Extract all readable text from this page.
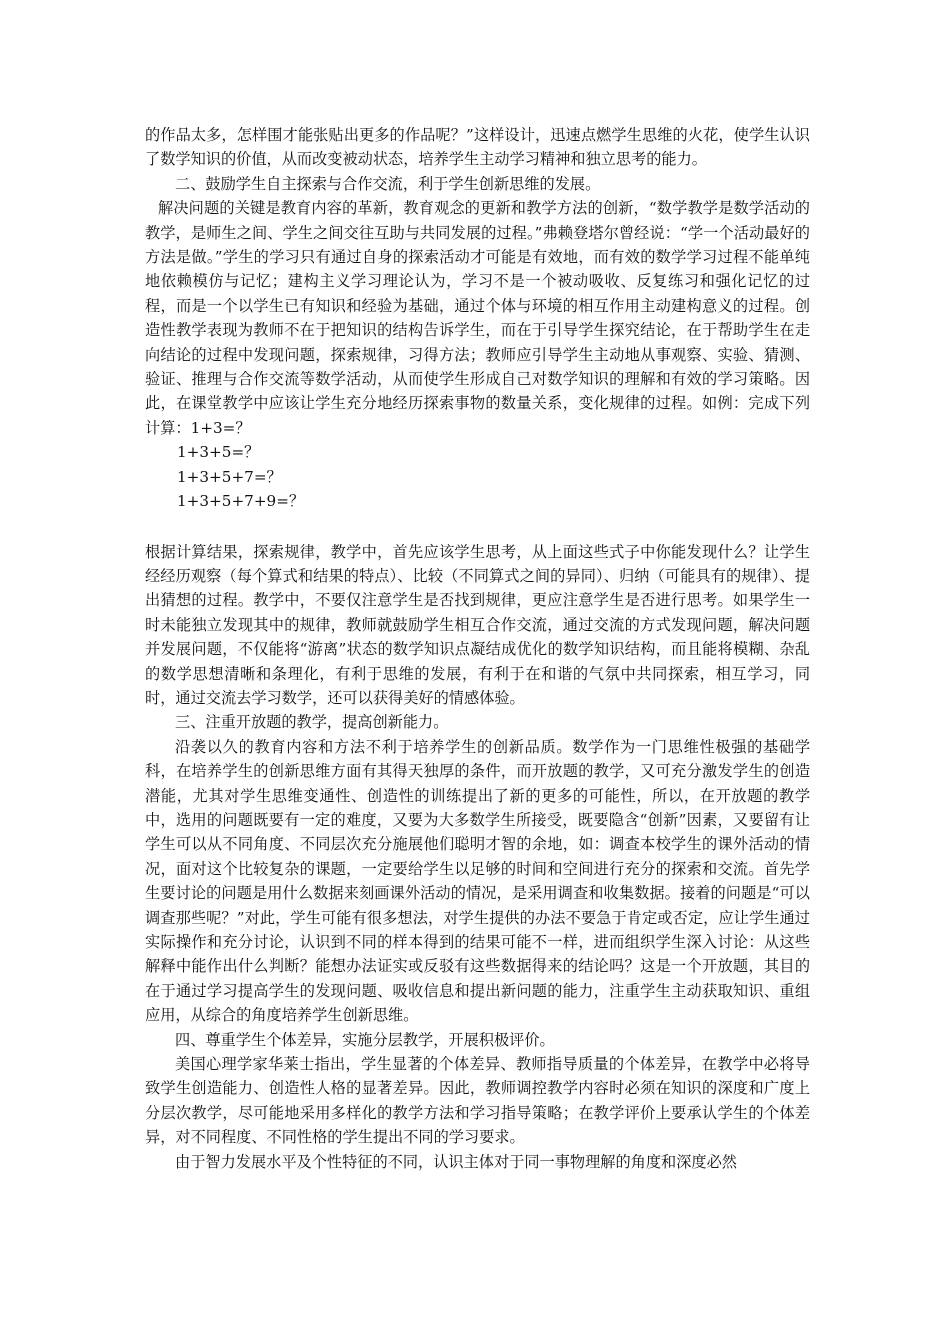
的作品太多，怎样围才能张贴出更多的作品呢？”这样设计，迅速点燃学生思维的火花，使学生认识了数学知识的价值，从而改变被动状态，培养学生主动学习精神和独立思考的能力。

二、鼓励学生自主探索与合作交流，利于学生创新思维的发展。

解决问题的关键是教育内容的革新，教育观念的更新和教学方法的创新，“数学教学是数学活动的教学，是师生之间、学生之间交往互助与共同发展的过程。”弗赖登塔尔曾经说：“学一个活动最好的方法是做。”学生的学习只有通过自身的探索活动才可能是有效地，而有效的数学学习过程不能单纯地依赖模仿与记忆；建构主义学习理论认为，学习不是一个被动吸收、反复练习和强化记忆的过程，而是一个以学生已有知识和经验为基础，通过个体与环境的相互作用主动建构意义的过程。创造性教学表现为教师不在于把知识的结构告诉学生，而在于引导学生探究结论，在于帮助学生在走向结论的过程中发现问题，探索规律，习得方法；教师应引导学生主动地从事观察、实验、猜测、验证、推理与合作交流等数学活动，从而使学生形成自己对数学知识的理解和有效的学习策略。因此，在课堂教学中应该让学生充分地经历探索事物的数量关系，变化规律的过程。如例：完成下列计算：1+3=？

1+3+5=？

1+3+5+7=？

1+3+5+7+9=？

根据计算结果，探索规律，教学中，首先应该学生思考，从上面这些式子中你能发现什么？让学生经经历观察（每个算式和结果的特点）、比较（不同算式之间的异同）、归纳（可能具有的规律）、提出猜想的过程。教学中，不要仅注意学生是否找到规律，更应注意学生是否进行思考。如果学生一时未能独立发现其中的规律，教师就鼓励学生相互合作交流，通过交流的方式发现问题，解决问题并发展问题，不仅能将“游离”状态的数学知识点凝结成优化的数学知识结构，而且能将模糊、杂乱的数学思想清晰和条理化，有利于思维的发展，有利于在和谐的气氛中共同探索，相互学习，同时，通过交流去学习数学，还可以获得美好的情感体验。

三、注重开放题的教学，提高创新能力。

沿袭以久的教育内容和方法不利于培养学生的创新品质。数学作为一门思维性极强的基础学科，在培养学生的创新思维方面有其得天独厚的条件，而开放题的教学，又可充分激发学生的创造潜能，尤其对学生思维变通性、创造性的训练提出了新的更多的可能性，所以，在开放题的教学中，选用的问题既要有一定的难度，又要为大多数学生所接受，既要隐含“创新”因素，又要留有让学生可以从不同角度、不同层次充分施展他们聪明才智的余地，如：调查本校学生的课外活动的情况，面对这个比较复杂的课题，一定要给学生以足够的时间和空间进行充分的探索和交流。首先学生要讨论的问题是用什么数据来刻画课外活动的情况，是采用调查和收集数据。接着的问题是“可以调查那些呢？”对此，学生可能有很多想法，对学生提供的办法不要急于肯定或否定，应让学生通过实际操作和充分讨论，认识到不同的样本得到的结果可能不一样，进而组织学生深入讨论：从这些解释中能作出什么判断？能想办法证实或反驳有这些数据得来的结论吗？这是一个开放题，其目的在于通过学习提高学生的发现问题、吸收信息和提出新问题的能力，注重学生主动获取知识、重组应用，从综合的角度培养学生创新思维。

四、尊重学生个体差异，实施分层教学，开展积极评价。

美国心理学家华莱士指出，学生显著的个体差异、教师指导质量的个体差异，在教学中必将导致学生创造能力、创造性人格的显著差异。因此，教师调控教学内容时必须在知识的深度和广度上分层次教学，尽可能地采用多样化的教学方法和学习指导策略；在教学评价上要承认学生的个体差异，对不同程度、不同性格的学生提出不同的学习要求。

由于智力发展水平及个性特征的不同，认识主体对于同一事物理解的角度和深度必然
